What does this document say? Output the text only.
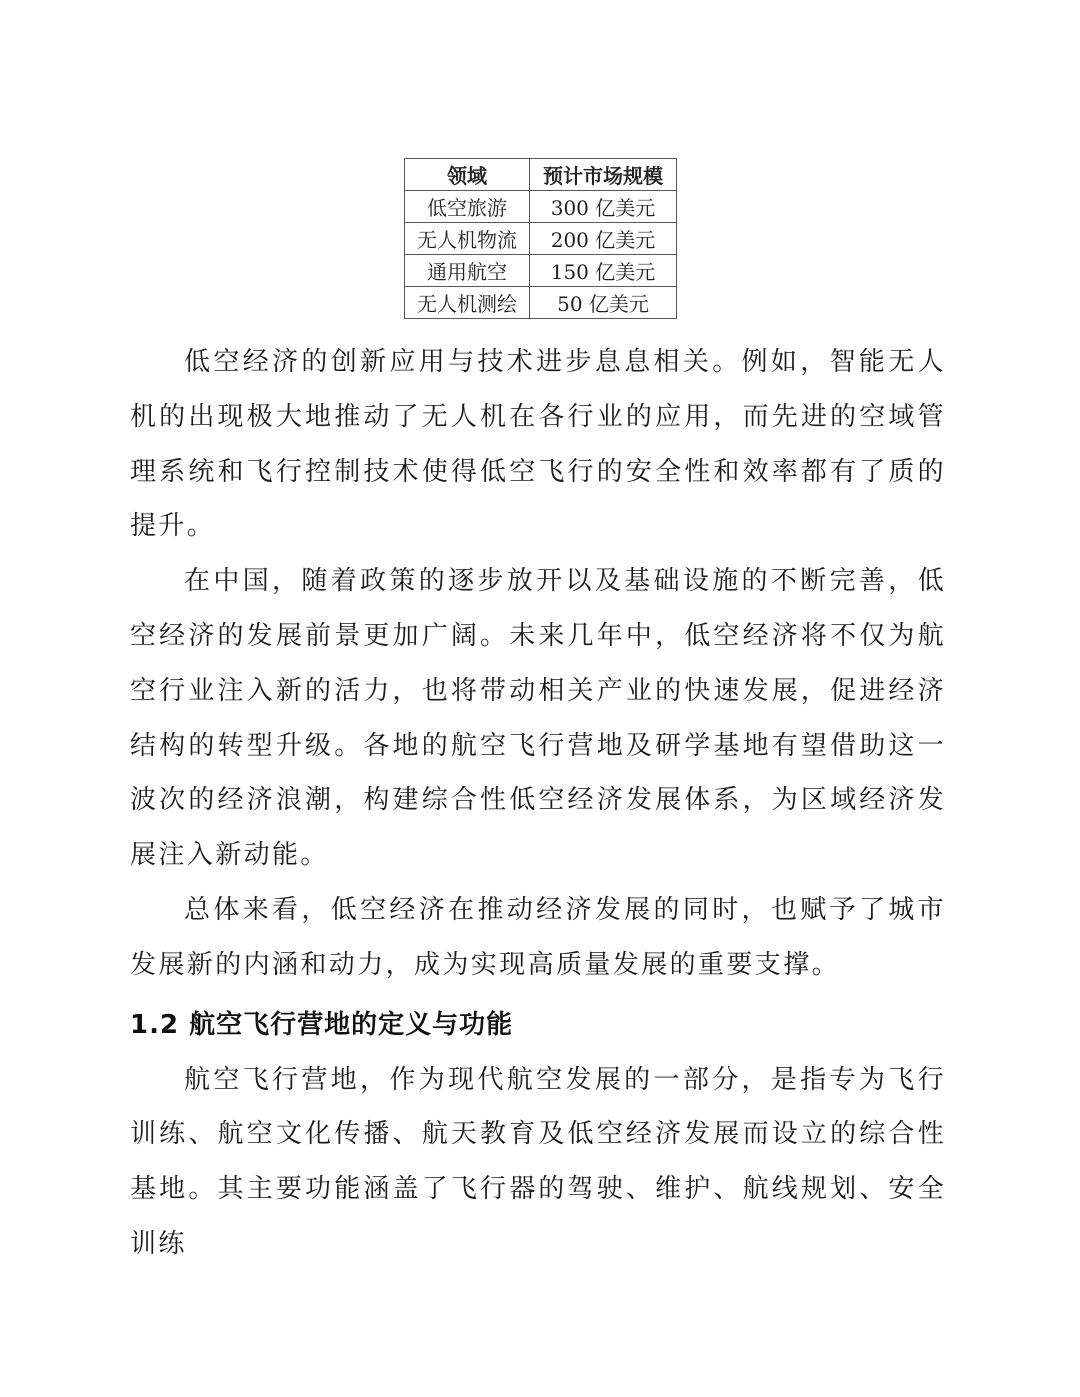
领域	预计市场规模
低空旅游	300 亿美元
无人机物流	200 亿美元
通用航空	150 亿美元
无人机测绘	50 亿美元

低空经济的创新应用与技术进步息息相关。例如，智能无人机的出现极大地推动了无人机在各行业的应用，而先进的空域管理系统和飞行控制技术使得低空飞行的安全性和效率都有了质的提升。

在中国，随着政策的逐步放开以及基础设施的不断完善，低空经济的发展前景更加广阔。未来几年中，低空经济将不仅为航空行业注入新的活力，也将带动相关产业的快速发展，促进经济结构的转型升级。各地的航空飞行营地及研学基地有望借助这一波次的经济浪潮，构建综合性低空经济发展体系，为区域经济发展注入新动能。

总体来看，低空经济在推动经济发展的同时，也赋予了城市发展新的内涵和动力，成为实现高质量发展的重要支撑。

1.2 航空飞行营地的定义与功能

航空飞行营地，作为现代航空发展的一部分，是指专为飞行训练、航空文化传播、航天教育及低空经济发展而设立的综合性基地。其主要功能涵盖了飞行器的驾驶、维护、航线规划、安全训练
